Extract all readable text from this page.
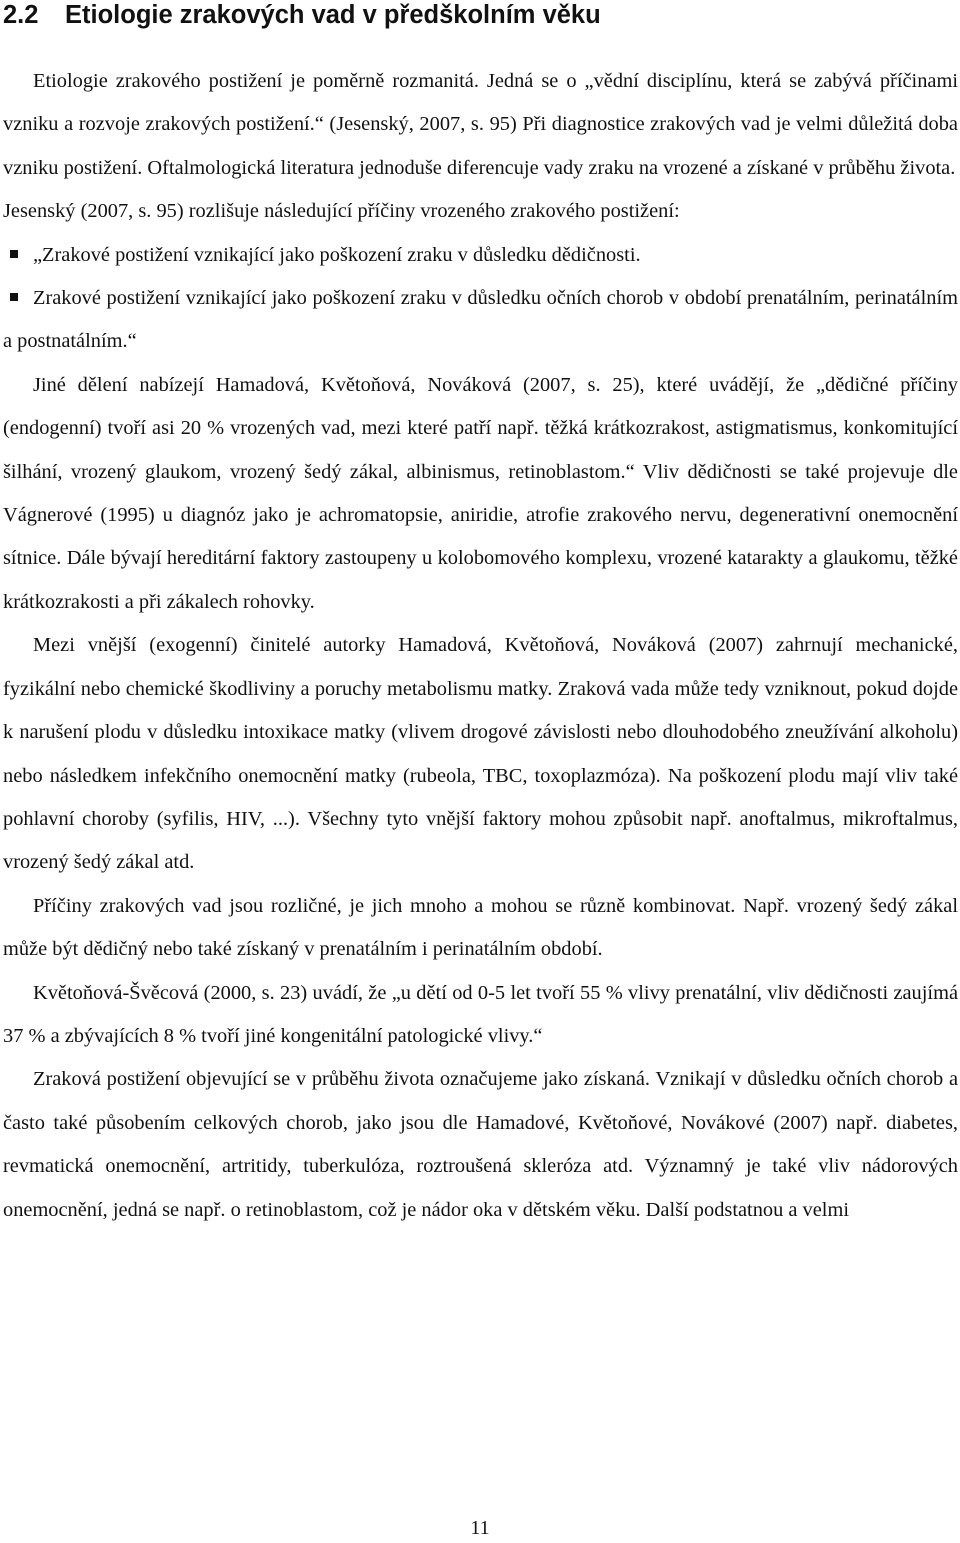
2.2 Etiologie zrakových vad v předškolním věku

Etiologie zrakového postižení je poměrně rozmanitá. Jedná se o „vědní disciplínu, která se zabývá příčinami vzniku a rozvoje zrakových postižení.“ (Jesenský, 2007, s. 95) Při diagnostice zrakových vad je velmi důležitá doba vzniku postižení. Oftalmologická literatura jednoduše diferencuje vady zraku na vrozené a získané v průběhu života.

Jesenský (2007, s. 95) rozlišuje následující příčiny vrozeného zrakového postižení:

„Zrakové postižení vznikající jako poškození zraku v důsledku dědičnosti.
Zrakové postižení vznikající jako poškození zraku v důsledku očních chorob v období prenatálním, perinatálním a postnatálním.“

Jiné dělení nabízejí Hamadová, Květoňová, Nováková (2007, s. 25), které uvádějí, že „dědičné příčiny (endogenní) tvoří asi 20 % vrozených vad, mezi které patří např. těžká krátkozrakost, astigmatismus, konkomitující šilhání, vrozený glaukom, vrozený šedý zákal, albinismus, retinoblastom.“ Vliv dědičnosti se také projevuje dle Vágnerové (1995) u diagnóz jako je achromatopsie, aniridie, atrofie zrakového nervu, degenerativní onemocnění sítnice. Dále bývají hereditární faktory zastoupeny u kolobomového komplexu, vrozené katarakty a glaukomu, těžké krátkozrakosti a při zákalech rohovky.

Mezi vnější (exogenní) činitelé autorky Hamadová, Květoňová, Nováková (2007) zahrnují mechanické, fyzikální nebo chemické škodliviny a poruchy metabolismu matky. Zraková vada může tedy vzniknout, pokud dojde k narušení plodu v důsledku intoxikace matky (vlivem drogové závislosti nebo dlouhodobého zneužívání alkoholu) nebo následkem infekčního onemocnění matky (rubeola, TBC, toxoplazmóza). Na poškození plodu mají vliv také pohlavní choroby (syfilis, HIV, ...). Všechny tyto vnější faktory mohou způsobit např. anoftalmus, mikroftalmus, vrozený šedý zákal atd.

Příčiny zrakových vad jsou rozličné, je jich mnoho a mohou se různě kombinovat. Např. vrozený šedý zákal může být dědičný nebo také získaný v prenatálním i perinatálním období.

Květoňová-Švěcová (2000, s. 23) uvádí, že „u dětí od 0-5 let tvoří 55 % vlivy prenatální, vliv dědičnosti zaujímá 37 % a zbývajících 8 % tvoří jiné kongenitální patologické vlivy.“

Zraková postižení objevující se v průběhu života označujeme jako získaná. Vznikají v důsledku očních chorob a často také působením celkových chorob, jako jsou dle Hamadové, Květoňové, Novákové (2007) např. diabetes, revmatická onemocnění, artritidy, tuberkulóza, roztroušená skleróza atd. Významný je také vliv nádorových onemocnění, jedná se např. o retinoblastom, což je nádor oka v dětském věku. Další podstatnou a velmi

11
